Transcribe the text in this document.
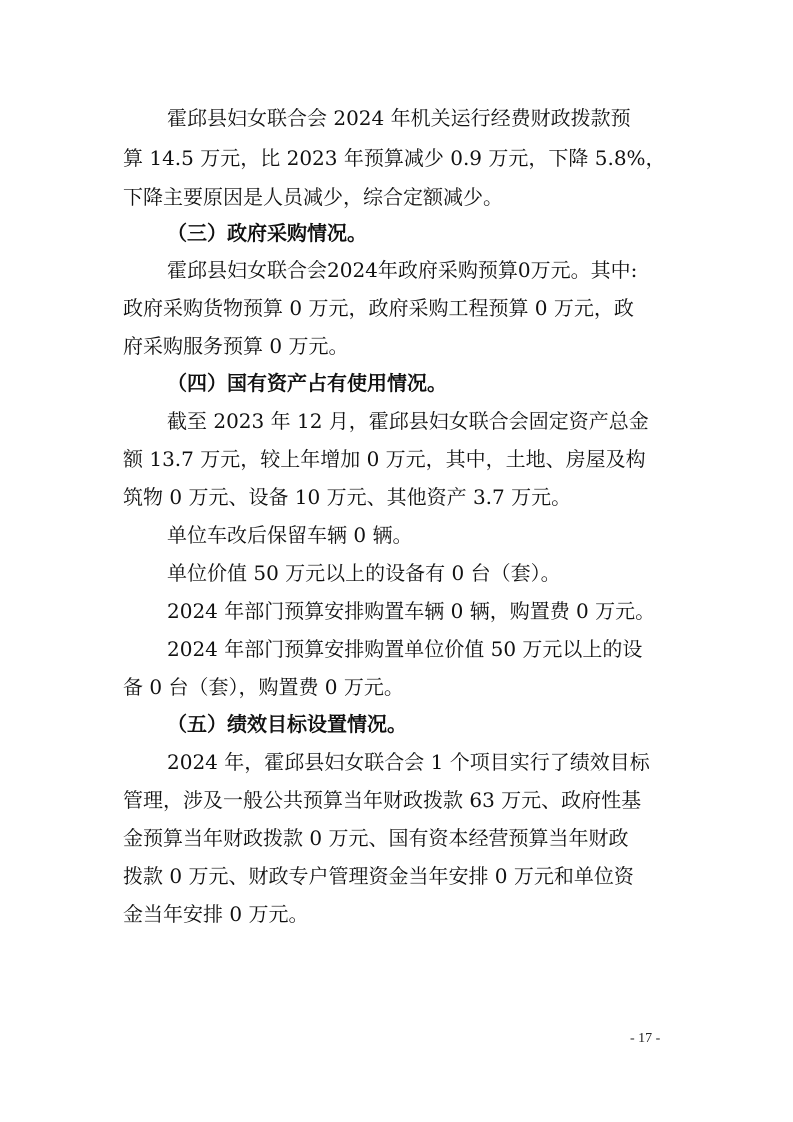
霍邱县妇女联合会 2024 年机关运行经费财政拨款预
算 14.5 万元，比 2023 年预算减少 0.9 万元，下降 5.8%，
下降主要原因是人员减少，综合定额减少。
（三）政府采购情况。
霍邱县妇女联合会2024年政府采购预算0万元。其中:
政府采购货物预算 0 万元，政府采购工程预算 0 万元，政
府采购服务预算 0 万元。
（四）国有资产占有使用情况。
截至 2023 年 12 月，霍邱县妇女联合会固定资产总金
额 13.7 万元，较上年增加 0 万元，其中，土地、房屋及构
筑物 0 万元、设备 10 万元、其他资产 3.7 万元。
单位车改后保留车辆 0 辆。
单位价值 50 万元以上的设备有 0 台（套）。
2024 年部门预算安排购置车辆 0 辆，购置费 0 万元。
2024 年部门预算安排购置单位价值 50 万元以上的设
备 0 台（套），购置费 0 万元。
（五）绩效目标设置情况。
2024 年，霍邱县妇女联合会 1 个项目实行了绩效目标
管理，涉及一般公共预算当年财政拨款 63 万元、政府性基
金预算当年财政拨款 0 万元、国有资本经营预算当年财政
拨款 0 万元、财政专户管理资金当年安排 0 万元和单位资
金当年安排 0 万元。
- 17 -
